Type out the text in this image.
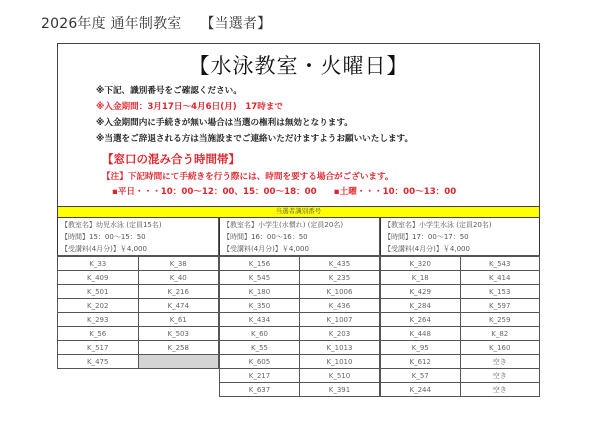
2026年度 通年制教室　 【当選者】
【水泳教室・火曜日】
※下記、識別番号をご確認ください。
※入金期間：3月17日～4月6日(月)　17時まで
※入金期間内に手続きが無い場合は当選の権利は無効となります。
※当選をご辞退される方は当施設までご連絡いただけますようお願いいたします。
【窓口の混み合う時間帯】
【注】下記時間にて手続きを行う際には、時間を要する場合がございます。
▪平日・・・10：00～12：00、15：00～18：00　　▪土曜・・・10：00～13：00
当選者識別番号
【教室名】幼児水泳 (定員15名)
【時間】15：00～15：50
【受講料(4月分)】￥4,000
K_33	K_38
K_409	K_40
K_501	K_216
K_202	K_474
K_293	K_61
K_56	K_503
K_517	K_258
K_475	
【教室名】小学生(水慣れ) (定員20名)
【時間】16：00～16：50
【受講料(4月分)】￥4,000
K_156	K_435
K_545	K_235
K_180	K_1006
K_350	K_436
K_434	K_1007
K_60	K_203
K_55	K_1013
K_605	K_1010
K_217	K_510
K_637	K_391
【教室名】小学生水泳 (定員20名)
【時間】17：00～17：50
【受講料(4月分)】￥4,000
K_320	K_543
K_18	K_414
K_429	K_153
K_284	K_597
K_264	K_259
K_448	K_82
K_95	K_160
K_612	空き
K_57	空き
K_244	空き
